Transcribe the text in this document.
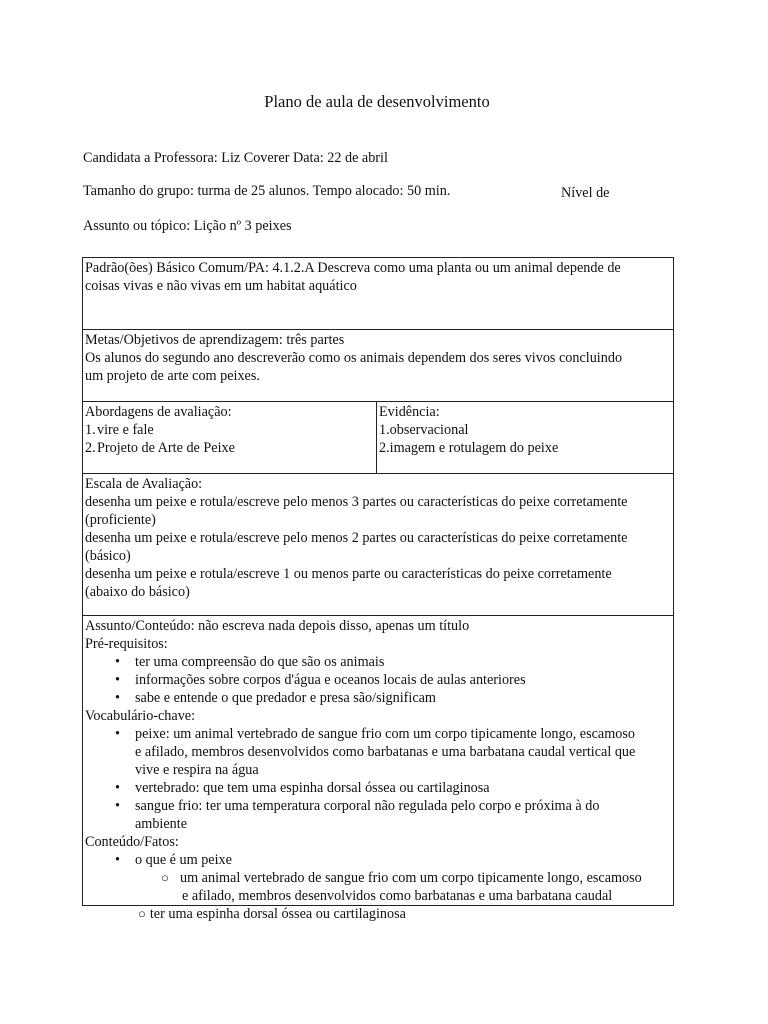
Plano de aula de desenvolvimento
Candidata a Professora: Liz Coverer Data: 22 de abril
Tamanho do grupo: turma de 25 alunos. Tempo alocado: 50 min.	Nível de
Assunto ou tópico: Lição nº 3 peixes
Padrão(ões) Básico Comum/PA: 4.1.2.A Descreva como uma planta ou um animal depende de
coisas vivas e não vivas em um habitat aquático

Metas/Objetivos de aprendizagem: três partes
Os alunos do segundo ano descreverão como os animais dependem dos seres vivos concluindo
um projeto de arte com peixes.

Abordagens de avaliação:
1.vire e fale
2.Projeto de Arte de Peixe

Evidência:
1.observacional
2.imagem e rotulagem do peixe

Escala de Avaliação:
desenha um peixe e rotula/escreve pelo menos 3 partes ou características do peixe corretamente
(proficiente)
desenha um peixe e rotula/escreve pelo menos 2 partes ou características do peixe corretamente
(básico)
desenha um peixe e rotula/escreve 1 ou menos parte ou características do peixe corretamente
(abaixo do básico)

Assunto/Conteúdo: não escreva nada depois disso, apenas um título
Pré-requisitos:
• ter uma compreensão do que são os animais
• informações sobre corpos d'água e oceanos locais de aulas anteriores
• sabe e entende o que predador e presa são/significam
Vocabulário-chave:
• peixe: um animal vertebrado de sangue frio com um corpo tipicamente longo, escamoso
e afilado, membros desenvolvidos como barbatanas e uma barbatana caudal vertical que
vive e respira na água
• vertebrado: que tem uma espinha dorsal óssea ou cartilaginosa
• sangue frio: ter uma temperatura corporal não regulada pelo corpo e próxima à do
ambiente
Conteúdo/Fatos:
• o que é um peixe
○ um animal vertebrado de sangue frio com um corpo tipicamente longo, escamoso
e afilado, membros desenvolvidos como barbatanas e uma barbatana caudal
○ ter uma espinha dorsal óssea ou cartilaginosa
